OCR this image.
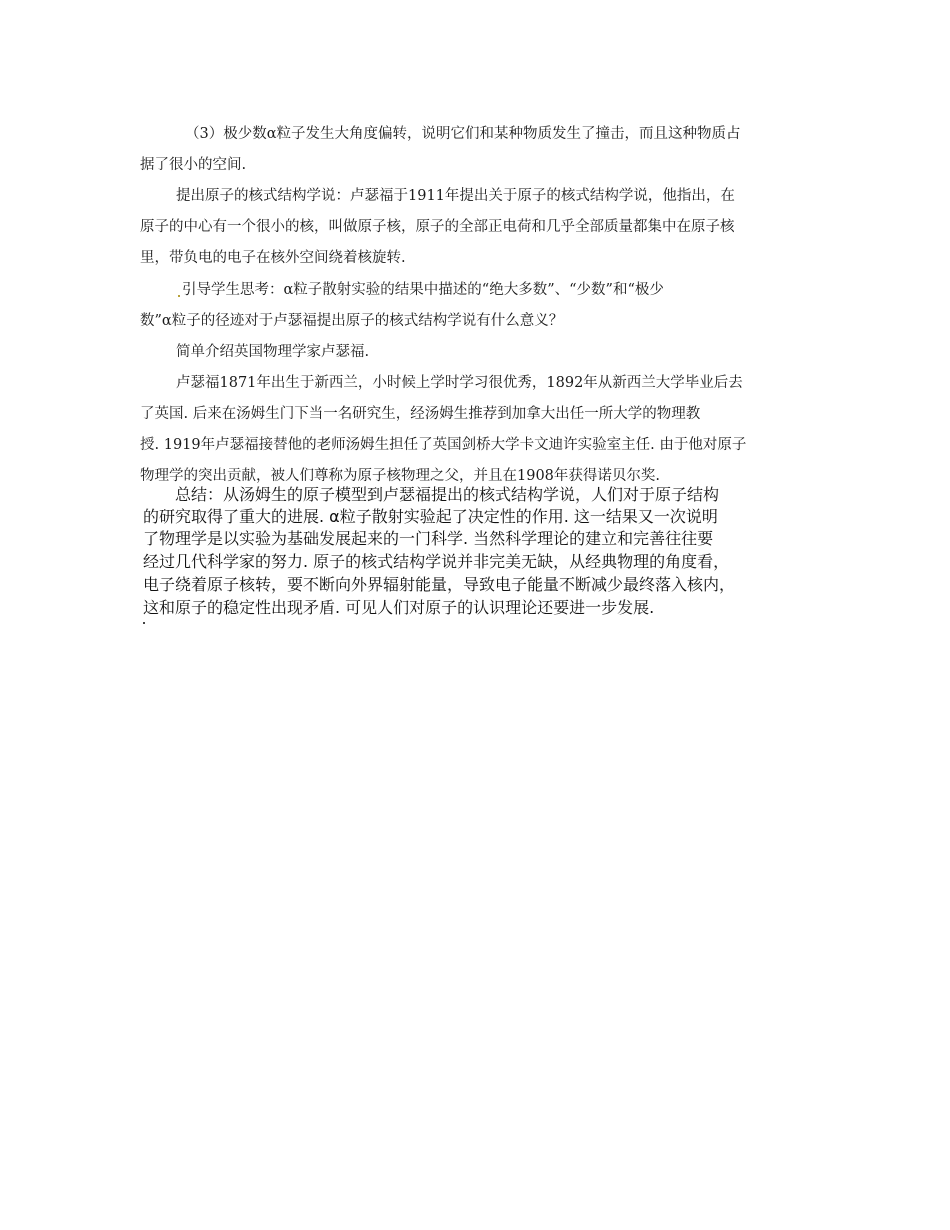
（3）极少数α粒子发生大角度偏转，说明它们和某种物质发生了撞击，而且这种物质占
据了很小的空间.
提出原子的核式结构学说：卢瑟福于1911年提出关于原子的核式结构学说，他指出，在
原子的中心有一个很小的核，叫做原子核，原子的全部正电荷和几乎全部质量都集中在原子核
里，带负电的电子在核外空间绕着核旋转.
引导学生思考：α粒子散射实验的结果中描述的“绝大多数”、“少数”和“极少
数”α粒子的径迹对于卢瑟福提出原子的核式结构学说有什么意义？
简单介绍英国物理学家卢瑟福.
卢瑟福1871年出生于新西兰，小时候上学时学习很优秀，1892年从新西兰大学毕业后去
了英国. 后来在汤姆生门下当一名研究生，经汤姆生推荐到加拿大出任一所大学的物理教
授. 1919年卢瑟福接替他的老师汤姆生担任了英国剑桥大学卡文迪许实验室主任. 由于他对原子
物理学的突出贡献，被人们尊称为原子核物理之父，并且在1908年获得诺贝尔奖.
总结：从汤姆生的原子模型到卢瑟福提出的核式结构学说，人们对于原子结构
的研究取得了重大的进展. α粒子散射实验起了决定性的作用. 这一结果又一次说明
了物理学是以实验为基础发展起来的一门科学. 当然科学理论的建立和完善往往要
经过几代科学家的努力. 原子的核式结构学说并非完美无缺，从经典物理的角度看，
电子绕着原子核转，要不断向外界辐射能量，导致电子能量不断减少最终落入核内，
这和原子的稳定性出现矛盾. 可见人们对原子的认识理论还要进一步发展.
